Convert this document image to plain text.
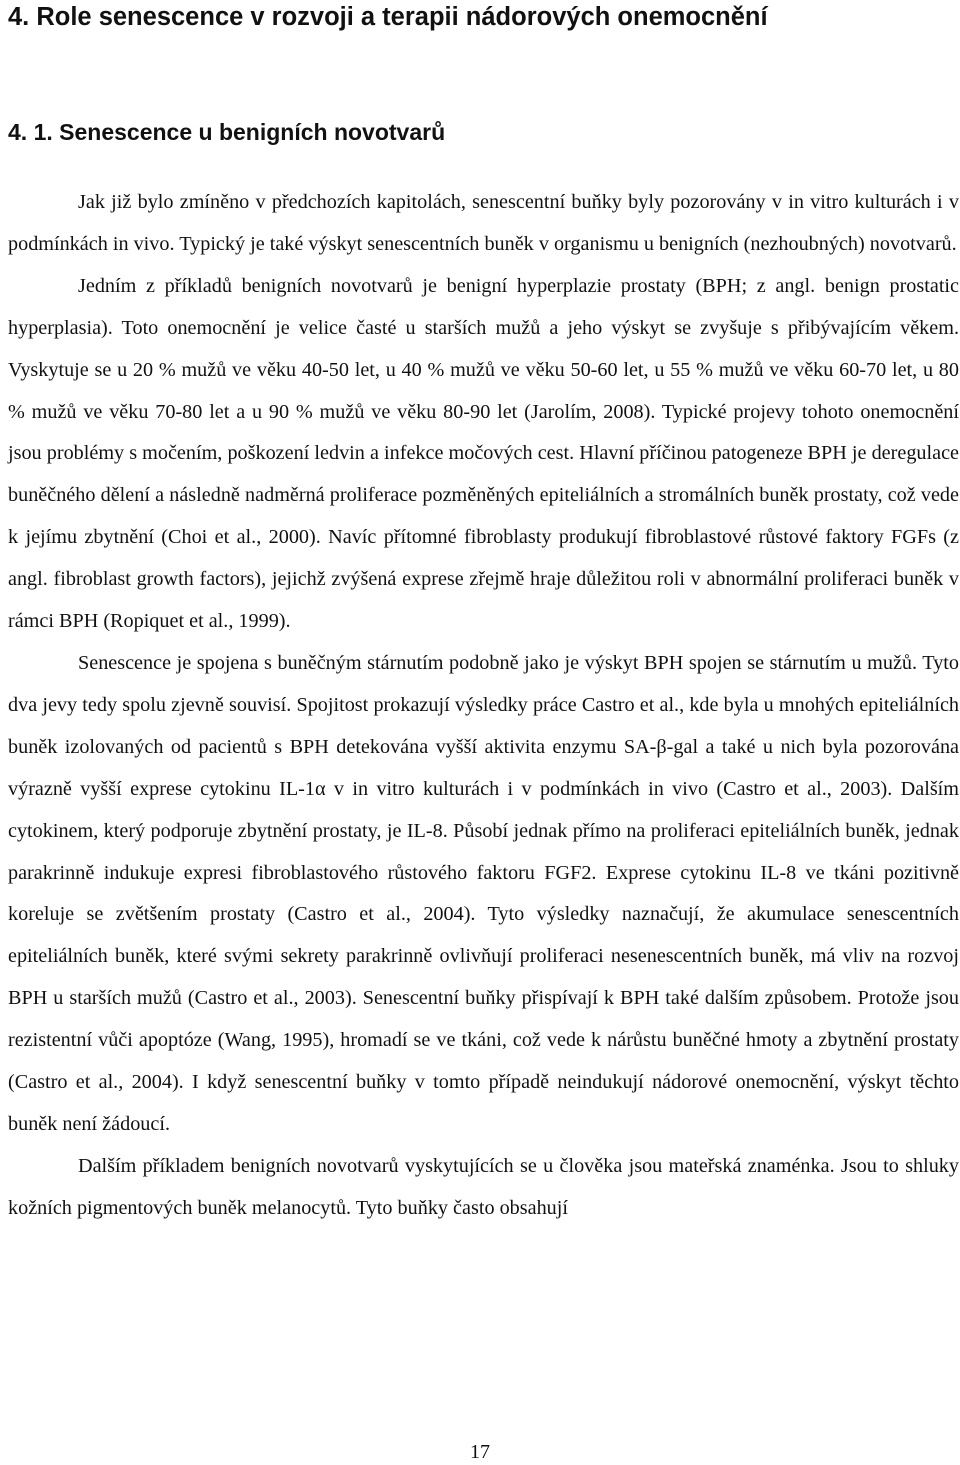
4. Role senescence v rozvoji a terapii nádorových onemocnění
4. 1. Senescence u benigních novotvarů

Jak již bylo zmíněno v předchozích kapitolách, senescentní buňky byly pozorovány v in vitro kulturách i v podmínkách in vivo. Typický je také výskyt senescentních buněk v organismu u benigních (nezhoubných) novotvarů.

Jedním z příkladů benigních novotvarů je benigní hyperplazie prostaty (BPH; z angl. benign prostatic hyperplasia). Toto onemocnění je velice časté u starších mužů a jeho výskyt se zvyšuje s přibývajícím věkem. Vyskytuje se u 20 % mužů ve věku 40-50 let, u 40 % mužů ve věku 50-60 let, u 55 % mužů ve věku 60-70 let, u 80 % mužů ve věku 70-80 let a u 90 % mužů ve věku 80-90 let (Jarolím, 2008). Typické projevy tohoto onemocnění jsou problémy s močením, poškození ledvin a infekce močových cest. Hlavní příčinou patogeneze BPH je deregulace buněčného dělení a následně nadměrná proliferace pozměněných epiteliálních a stromálních buněk prostaty, což vede k jejímu zbytnění (Choi et al., 2000). Navíc přítomné fibroblasty produkují fibroblastové růstové faktory FGFs (z angl. fibroblast growth factors), jejichž zvýšená exprese zřejmě hraje důležitou roli v abnormální proliferaci buněk v rámci BPH (Ropiquet et al., 1999).

Senescence je spojena s buněčným stárnutím podobně jako je výskyt BPH spojen se stárnutím u mužů. Tyto dva jevy tedy spolu zjevně souvisí. Spojitost prokazují výsledky práce Castro et al., kde byla u mnohých epiteliálních buněk izolovaných od pacientů s BPH detekována vyšší aktivita enzymu SA-β-gal a také u nich byla pozorována výrazně vyšší exprese cytokinu IL-1α v in vitro kulturách i v podmínkách in vivo (Castro et al., 2003). Dalším cytokinem, který podporuje zbytnění prostaty, je IL-8. Působí jednak přímo na proliferaci epiteliálních buněk, jednak parakrinně indukuje expresi fibroblastového růstového faktoru FGF2. Exprese cytokinu IL-8 ve tkáni pozitivně koreluje se zvětšením prostaty (Castro et al., 2004). Tyto výsledky naznačují, že akumulace senescentních epiteliálních buněk, které svými sekrety parakrinně ovlivňují proliferaci nesenescentních buněk, má vliv na rozvoj BPH u starších mužů (Castro et al., 2003). Senescentní buňky přispívají k BPH také dalším způsobem. Protože jsou rezistentní vůči apoptóze (Wang, 1995), hromadí se ve tkáni, což vede k nárůstu buněčné hmoty a zbytnění prostaty (Castro et al., 2004). I když senescentní buňky v tomto případě neindukují nádorové onemocnění, výskyt těchto buněk není žádoucí.

Dalším příkladem benigních novotvarů vyskytujících se u člověka jsou mateřská znaménka. Jsou to shluky kožních pigmentových buněk melanocytů. Tyto buňky často obsahují

17
